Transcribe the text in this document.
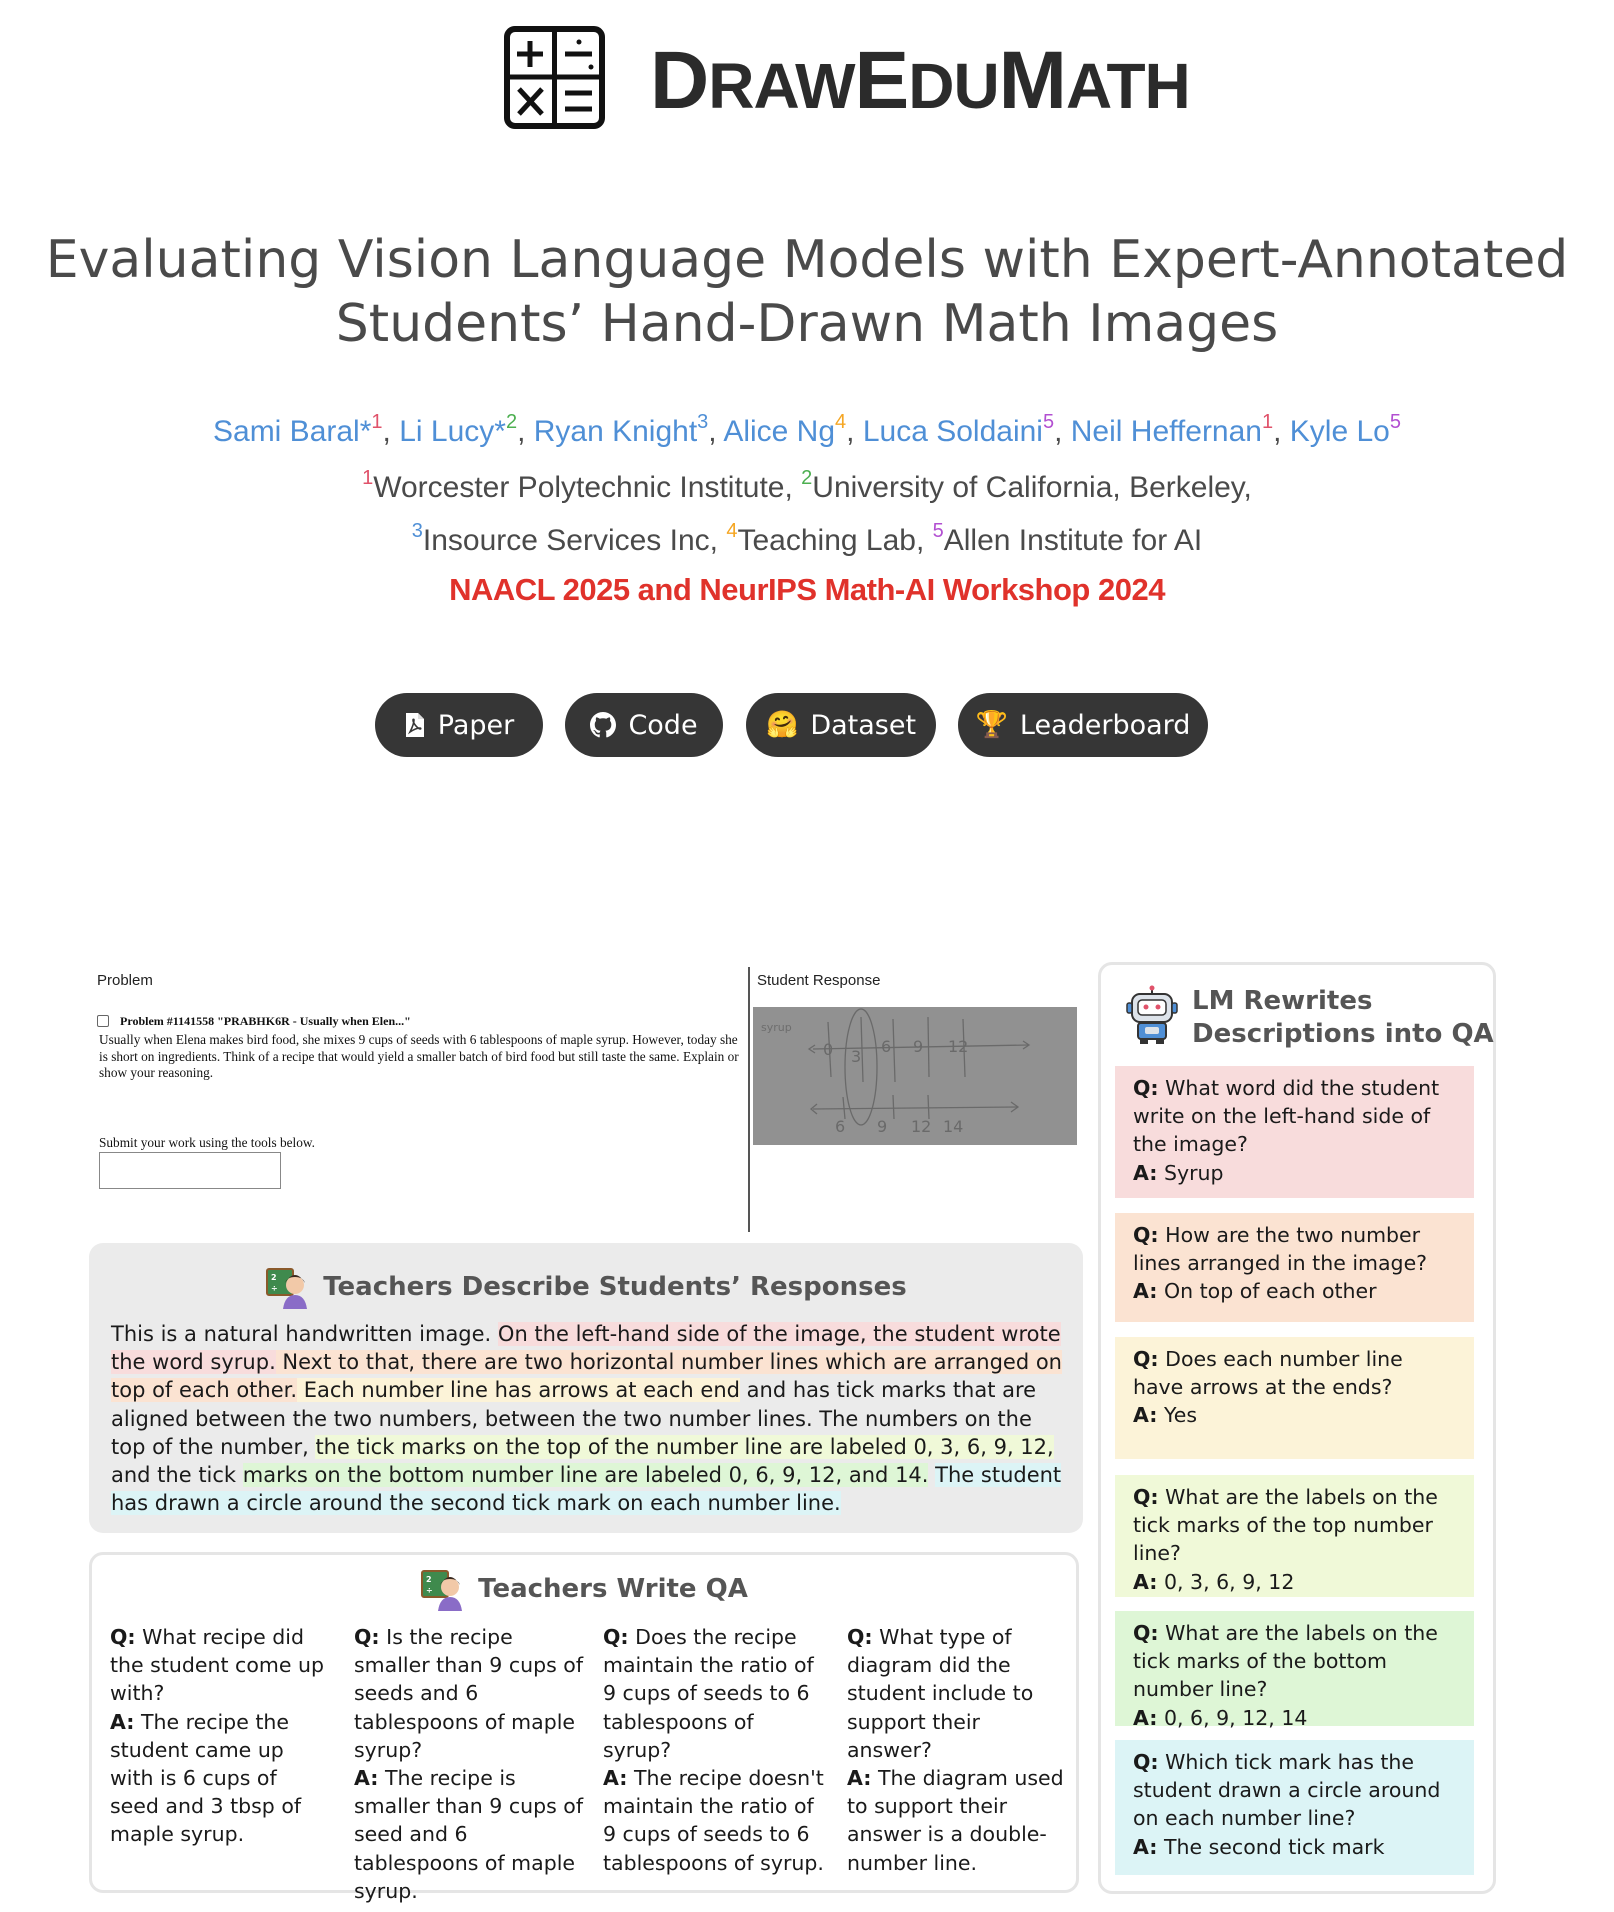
DRAWEDUMATH
Evaluating Vision Language Models with Expert-Annotated
Students’ Hand-Drawn Math Images
Sami Baral*$^1$, Li Lucy*$^2$, Ryan Knight$^3$, Alice Ng$^4$, Luca Soldaini$^5$, Neil Heffernan$^1$, Kyle Lo$^5$
$^1$Worcester Polytechnic Institute, $^2$University of California, Berkeley,
$^3$Insource Services Inc, $^4$Teaching Lab, $^5$Allen Institute for AI
NAACL 2025 and NeurIPS Math-AI Workshop 2024
Paper	Code	🤗 Dataset 🏆 Leaderboard
Problem
Problem #1141558 "PRABHK6R - Usually when Elen..."
Usually when Elena makes bird food, she mixes 9 cups of seeds with 6 tablespoons of maple syrup. However, today she is short on ingredients. Think of a recipe that would yield a smaller batch of bird food but still taste the same. Explain or show your reasoning.
Submit your work using the tools below.
Student Response
syrup
0 3
6 9 12
6 9 12 14
2
÷ Teachers Describe Students’ Responses
This is a natural handwritten image. On the left-hand side of the image, the student wrote the word syrup. Next to that, there are two horizontal number lines which are arranged on top of each other. Each number line has arrows at each end and has tick marks that are aligned between the two numbers, between the two number lines. The numbers on the top of the number, the tick marks on the top of the number line are labeled 0, 3, 6, 9, 12, and the tick marks on the bottom number line are labeled 0, 6, 9, 12, and 14. The student has drawn a circle around the second tick mark on each number line.
2
÷ Teachers Write QA
Q: What recipe did the student come up with?
A: The recipe the student came up with is 6 cups of seed and 3 tbsp of maple syrup.
Q: Is the recipe smaller than 9 cups of seeds and 6 tablespoons of maple syrup?
A: The recipe is smaller than 9 cups of seed and 6 tablespoons of maple syrup.
Q: Does the recipe maintain the ratio of 9 cups of seeds to 6 tablespoons of syrup?
A: The recipe doesn't maintain the ratio of 9 cups of seeds to 6 tablespoons of syrup.
Q: What type of diagram did the student include to support their answer?
A: The diagram used to support their answer is a double-number line.
LM Rewrites
Descriptions into QA
Q: What word did the student write on the left-hand side of the image?
A: Syrup
Q: How are the two number lines arranged in the image?
A: On top of each other
Q: Does each number line have arrows at the ends?
A: Yes
Q: What are the labels on the tick marks of the top number line?
A: 0, 3, 6, 9, 12
Q: What are the labels on the tick marks of the bottom number line?
A: 0, 6, 9, 12, 14
Q: Which tick mark has the student drawn a circle around on each number line?
A: The second tick mark
